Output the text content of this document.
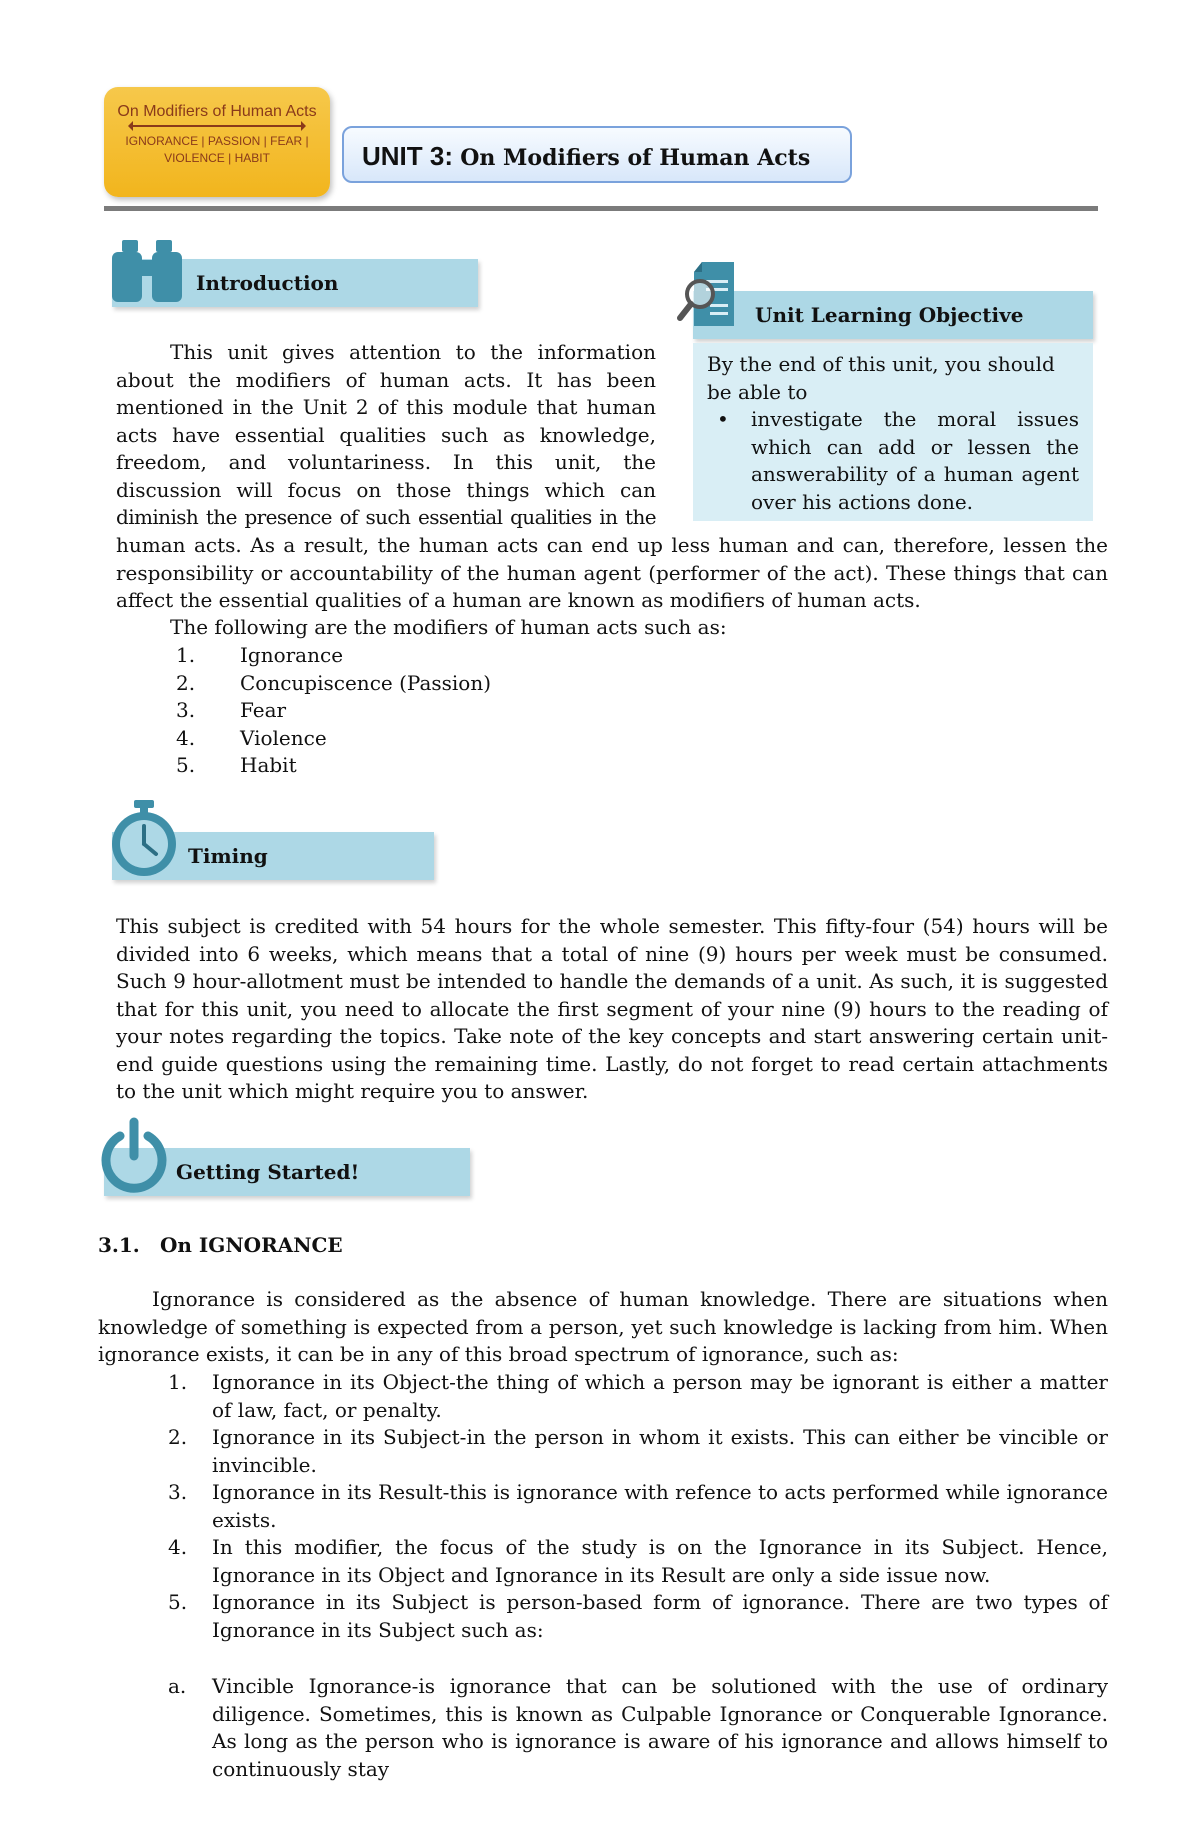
On Modifiers of Human Acts
IGNORANCE | PASSION | FEAR |
VIOLENCE | HABIT	UNIT 3: On Modifiers of Human Acts
Introduction
Unit Learning Objective
By the end of this unit, you should be able to
• investigate the moral issues which can add or lessen the answerability of a human agent over his actions done.
This unit gives attention to the information
about the modifiers of human acts. It has been
mentioned in the Unit 2 of this module that human
acts have essential qualities such as knowledge,
freedom, and voluntariness. In this unit, the
discussion will focus on those things which can
diminish the presence of such essential qualities in the
human acts. As a result, the human acts can end up less human and can, therefore, lessen the responsibility or accountability of the human agent (performer of the act). These things that can affect the essential qualities of a human are known as modifiers of human acts.
The following are the modifiers of human acts such as:
1. Ignorance
2. Concupiscence (Passion)
3. Fear
4. Violence
5. Habit
Timing
This subject is credited with 54 hours for the whole semester. This fifty-four (54) hours will be divided into 6 weeks, which means that a total of nine (9) hours per week must be consumed. Such 9 hour-allotment must be intended to handle the demands of a unit. As such, it is suggested that for this unit, you need to allocate the first segment of your nine (9) hours to the reading of your notes regarding the topics. Take note of the key concepts and start answering certain unit-end guide questions using the remaining time. Lastly, do not forget to read certain attachments to the unit which might require you to answer.
Getting Started!
3.1. On IGNORANCE
Ignorance is considered as the absence of human knowledge. There are situations when knowledge of something is expected from a person, yet such knowledge is lacking from him. When ignorance exists, it can be in any of this broad spectrum of ignorance, such as:
1. Ignorance in its Object-the thing of which a person may be ignorant is either a matter of law, fact, or penalty.
2. Ignorance in its Subject-in the person in whom it exists. This can either be vincible or invincible.
3. Ignorance in its Result-this is ignorance with refence to acts performed while ignorance exists.
4. In this modifier, the focus of the study is on the Ignorance in its Subject. Hence, Ignorance in its Object and Ignorance in its Result are only a side issue now.
5. Ignorance in its Subject is person-based form of ignorance. There are two types of Ignorance in its Subject such as:
a. Vincible Ignorance-is ignorance that can be solutioned with the use of ordinary diligence. Sometimes, this is known as Culpable Ignorance or Conquerable Ignorance. As long as the person who is ignorance is aware of his ignorance and allows himself to continuously stay
